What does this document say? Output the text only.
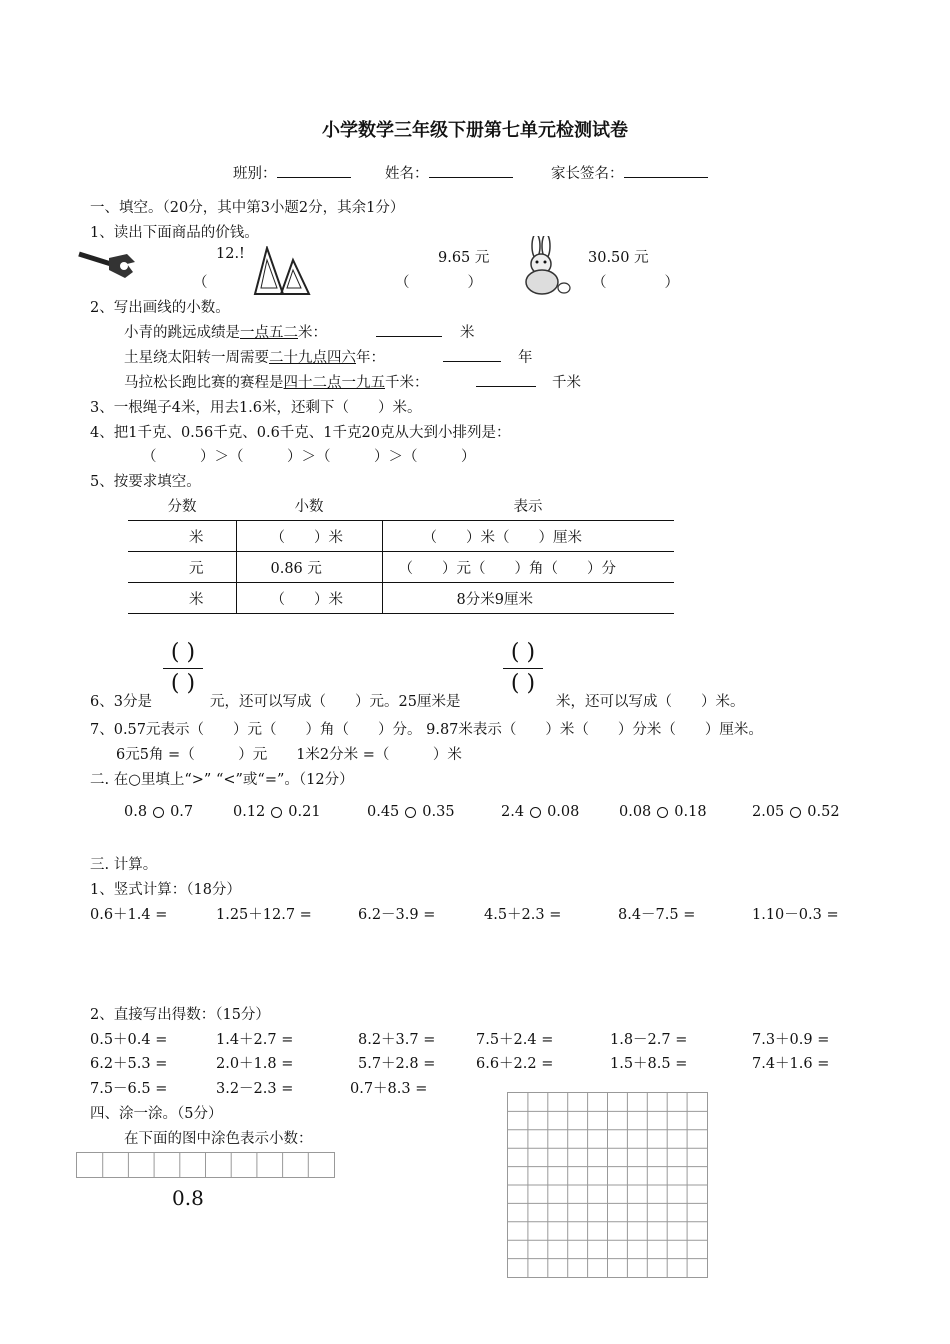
小学数学三年级下册第七单元检测试卷
班别：	姓名：	家长签名：
一、填空。（20分，其中第3小题2分，其余1分）
1、读出下面商品的价钱。
12.!
（
9.65 元
（　　　　）
30.50 元
（　　　　）
2、写出画线的小数。
小青的跳远成绩是一点五二米：	米
土星绕太阳转一周需要二十九点四六年：	年
马拉松长跑比赛的赛程是四十二点一九五千米：	千米
3、一根绳子4米，用去1.6米，还剩下（　　）米。
4、把1千克、0.56千克、0.6千克、1千克20克从大到小排列是：
（　　　）＞（　　　）＞（　　　）＞（　　　）
5、按要求填空。
分数	小数	表示
米	（　　）米	（　　）米（　　）厘米
元	0.86 元	（　　）元（　　）角（　　）分
米	（　　）米	8分米9厘米
( )
( )
( )
( )
6、3分是	元，还可以写成（　　）元。25厘米是	米，还可以写成（　　）米。
7、0.57元表示（　　）元（　　）角（　　）分。 9.87米表示（　　）米（　　）分米（　　）厘米。
6元5角 =（　　　）元　　1米2分米 =（　　　）米
二. 在○里填上“>” “<”或“=”。（12分）
0.8 0.7	0.12 0.21	0.45 0.35	2.4 0.08	0.08 0.18	2.05 0.52
三. 计算。
1、竖式计算：（18分）
0.6＋1.4 =	1.25＋12.7 =	6.2－3.9 =	4.5＋2.3 =	8.4－7.5 =	1.10－0.3 =
2、直接写出得数：（15分）
0.5＋0.4 =	1.4＋2.7 =	8.2＋3.7 =	7.5＋2.4 =	1.8－2.7 =	7.3＋0.9 =
6.2＋5.3 =	2.0＋1.8 =	5.7＋2.8 =	6.6＋2.2 =	1.5＋8.5 =	7.4＋1.6 =
7.5－6.5 =	3.2－2.3 =	0.7＋8.3 =
四、涂一涂。（5分）
在下面的图中涂色表示小数：
0.8
